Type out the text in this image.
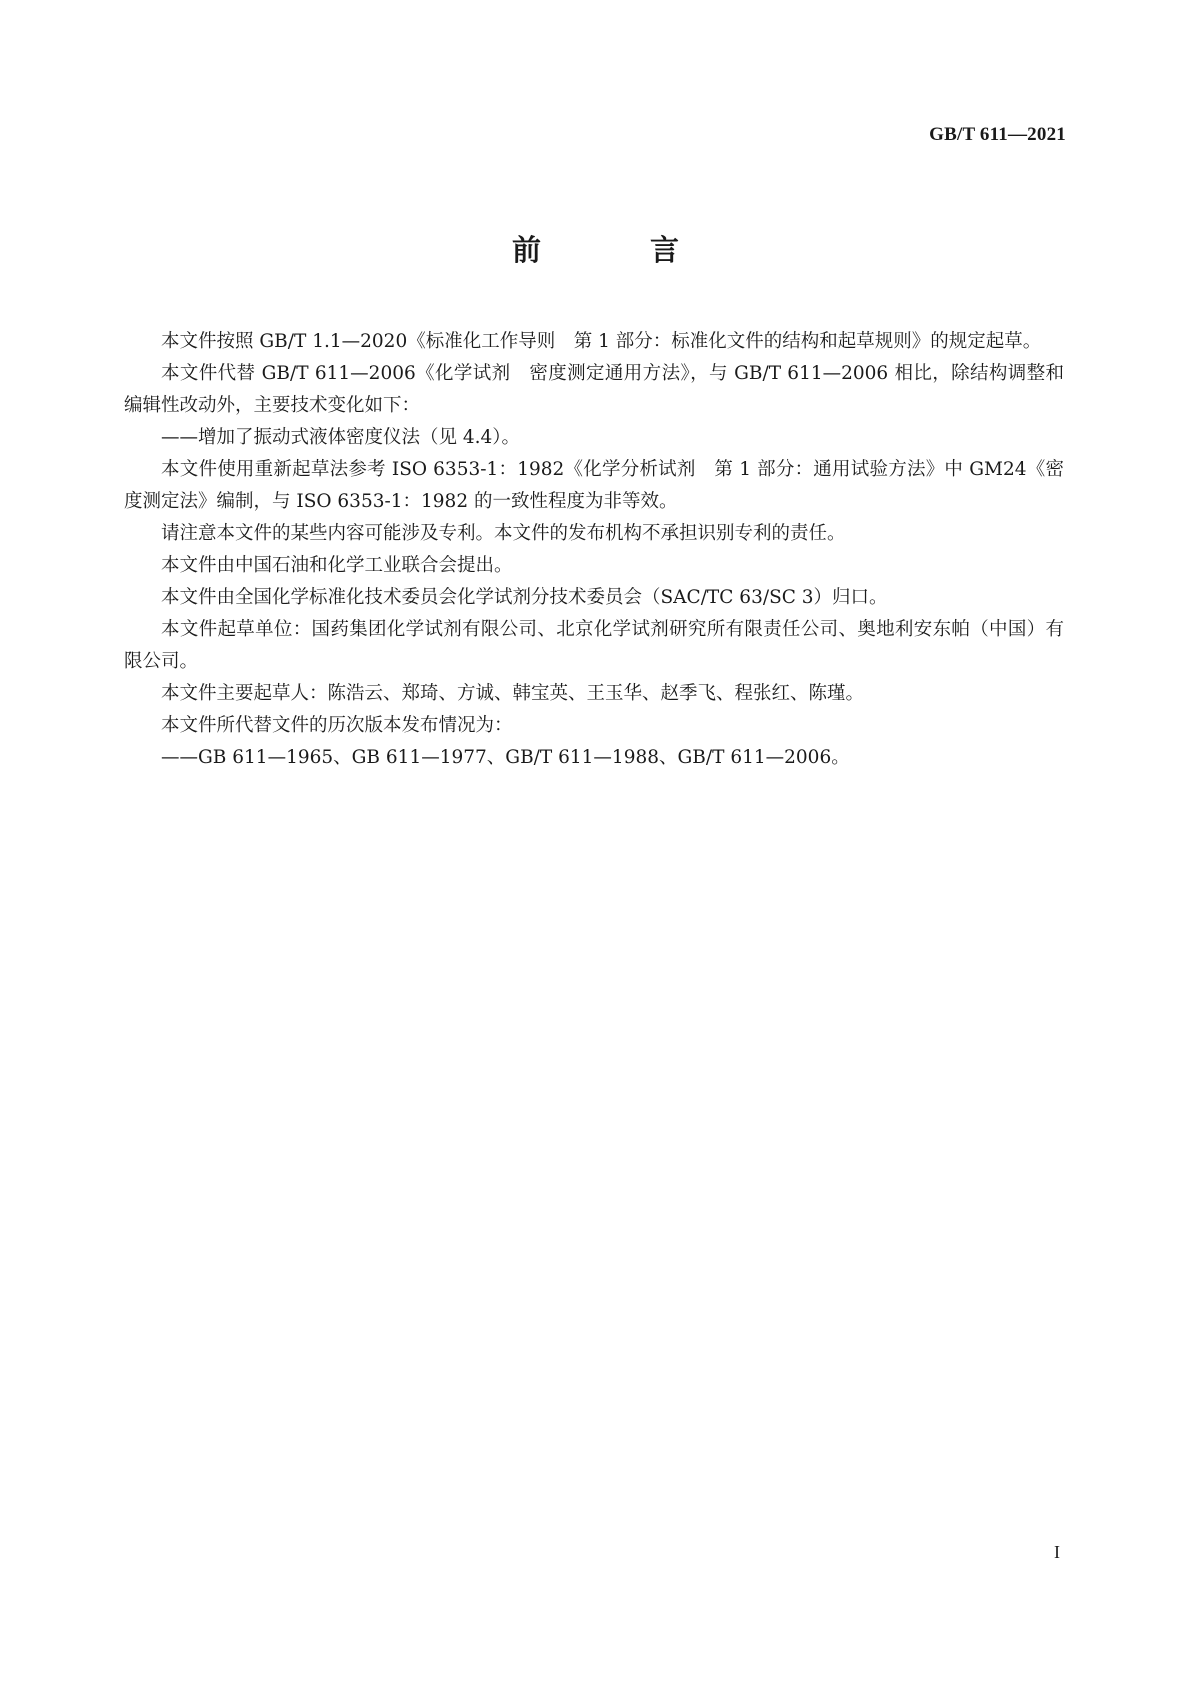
GB/T 611—2021
前　言

本文件按照 GB/T 1.1—2020《标准化工作导则　第 1 部分：标准化文件的结构和起草规则》的规定起草。

本文件代替 GB/T 611—2006《化学试剂　密度测定通用方法》，与 GB/T 611—2006 相比，除结构调整和编辑性改动外，主要技术变化如下：

——增加了振动式液体密度仪法（见 4.4）。

本文件使用重新起草法参考 ISO 6353-1：1982《化学分析试剂　第 1 部分：通用试验方法》中 GM24《密度测定法》编制，与 ISO 6353-1：1982 的一致性程度为非等效。

请注意本文件的某些内容可能涉及专利。本文件的发布机构不承担识别专利的责任。

本文件由中国石油和化学工业联合会提出。

本文件由全国化学标准化技术委员会化学试剂分技术委员会（SAC/TC 63/SC 3）归口。

本文件起草单位：国药集团化学试剂有限公司、北京化学试剂研究所有限责任公司、奥地利安东帕（中国）有限公司。

本文件主要起草人：陈浩云、郑琦、方诚、韩宝英、王玉华、赵季飞、程张红、陈瑾。

本文件所代替文件的历次版本发布情况为：

——GB 611—1965、GB 611—1977、GB/T 611—1988、GB/T 611—2006。

I
